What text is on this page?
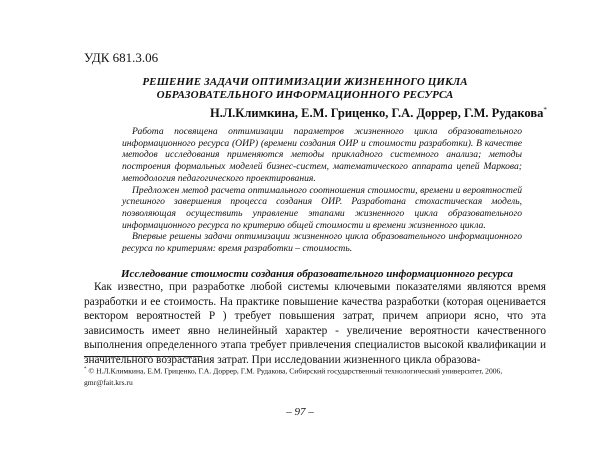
УДК 681.3.06
РЕШЕНИЕ ЗАДАЧИ ОПТИМИЗАЦИИ ЖИЗНЕННОГО ЦИКЛА
ОБРАЗОВАТЕЛЬНОГО ИНФОРМАЦИОННОГО РЕСУРСА
Н.Л.Климкина, Е.М. Гриценко, Г.А. Доррер, Г.М. Рудакова*

Работа посвящена оптимизации параметров жизненного цикла образовательного информационного ресурса (ОИР) (времени создания ОИР и стоимости разработки). В качестве методов исследования применяются методы прикладного системного анализа; методы построения формальных моделей бизнес-систем, математического аппарата цепей Маркова; методология педагогического проектирования.

Предложен метод расчета оптимального соотношения стоимости, времени и вероятностей успешного завершения процесса создания ОИР. Разработана стохастическая модель, позволяющая осуществить управление этапами жизненного цикла образовательного информационного ресурса по критерию общей стоимости и времени жизненного цикла.

Впервые решены задачи оптимизации жизненного цикла образовательного информационного ресурса по критериям: время разработки – стоимость.

Исследование стоимости создания образовательного информационного ресурса

Как известно, при разработке любой системы ключевыми показателями являются время разработки и ее стоимость. На практике повышение качества разработки (которая оценивается вектором вероятностей P ) требует повышения затрат, причем априори ясно, что эта зависимость имеет явно нелинейный характер - увеличение вероятности качественного выполнения определенного этапа требует привлечения специалистов высокой квалификации и значительного возрастания затрат. При исследовании жизненного цикла образова-

* © Н.Л.Климкина, Е.М. Гриценко, Г.А. Доррер, Г.М. Рудакова, Сибирский государственный технологический университет, 2006,
gmr@fait.krs.ru
– 97 –
